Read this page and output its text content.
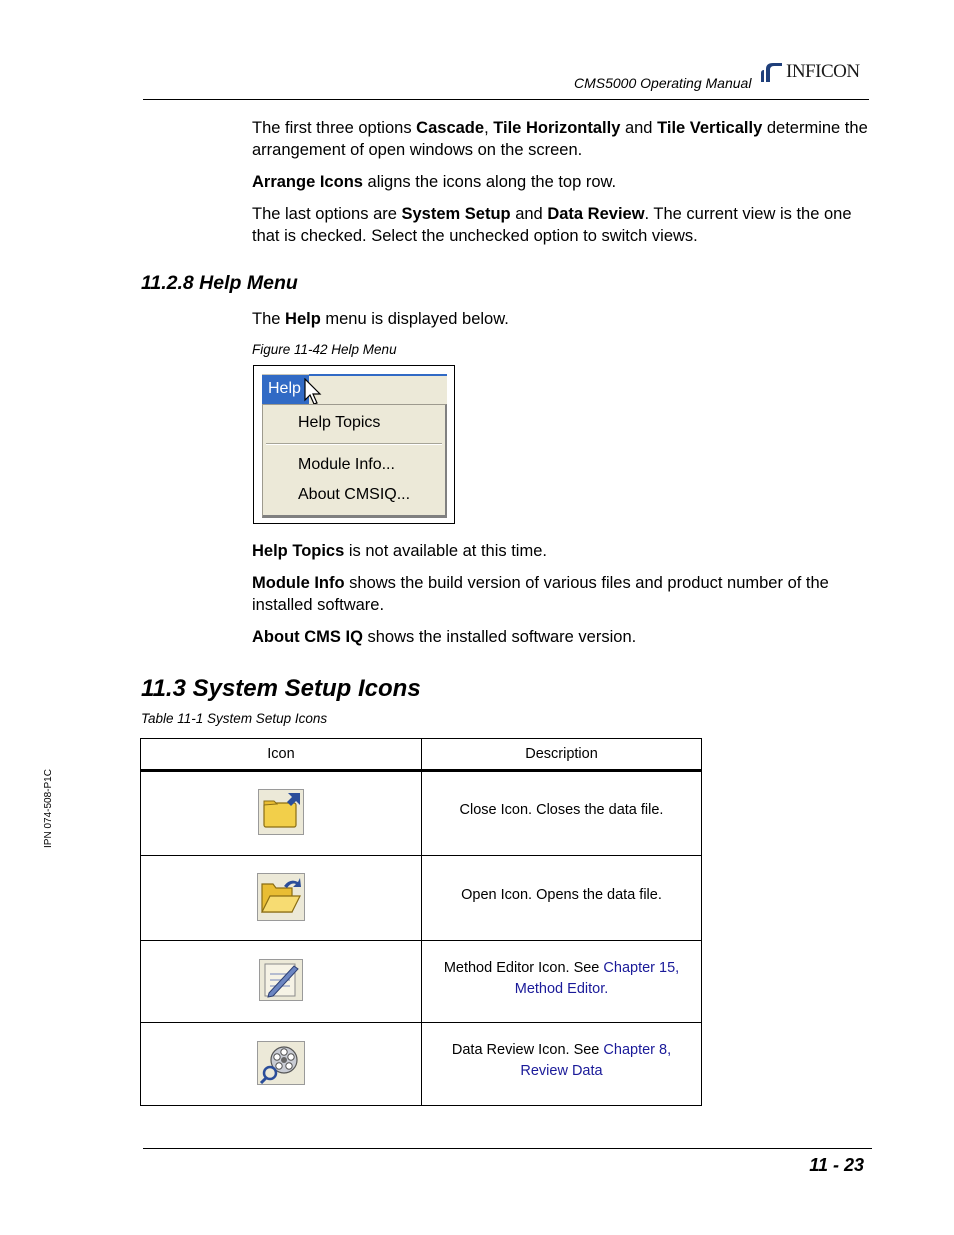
CMS5000 Operating Manual
INFICON
The first three options Cascade, Tile Horizontally and Tile Vertically determine the arrangement of open windows on the screen.
Arrange Icons aligns the icons along the top row.
The last options are System Setup and Data Review. The current view is the one that is checked. Select the unchecked option to switch views.
11.2.8 Help Menu
The Help menu is displayed below.
Figure 11-42 Help Menu
Help
Help Topics
Module Info...
About CMSIQ...
Help Topics is not available at this time.
Module Info shows the build version of various files and product number of the installed software.
About CMS IQ shows the installed software version.
11.3 System Setup Icons
Table 11-1 System Setup Icons
Icon	Description
	Close Icon. Closes the data file.
	Open Icon. Opens the data file.
	Method Editor Icon. See Chapter 15,
Method Editor.
	Data Review Icon. See Chapter 8,
Review Data
IPN 074-508-P1C
11 - 23
